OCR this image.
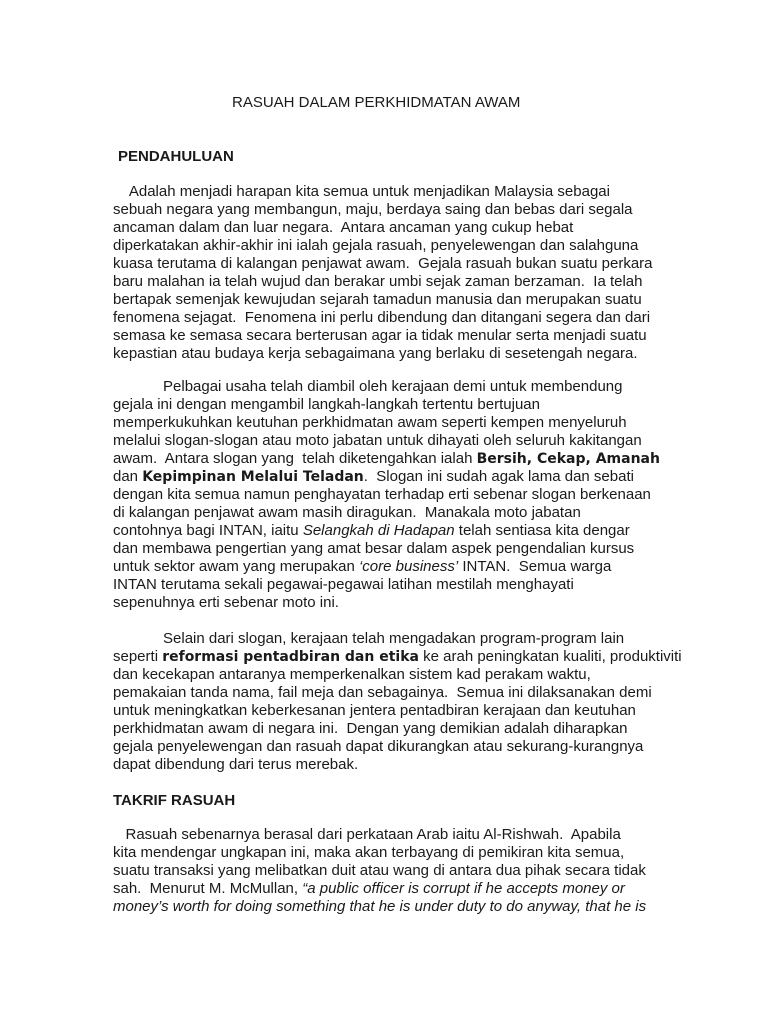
RASUAH DALAM PERKHIDMATAN AWAM
PENDAHULUAN
Adalah menjadi harapan kita semua untuk menjadikan Malaysia sebagai
sebuah negara yang membangun, maju, berdaya saing dan bebas dari segala
ancaman dalam dan luar negara.  Antara ancaman yang cukup hebat
diperkatakan akhir-akhir ini ialah gejala rasuah, penyelewengan dan salahguna
kuasa terutama di kalangan penjawat awam.  Gejala rasuah bukan suatu perkara
baru malahan ia telah wujud dan berakar umbi sejak zaman berzaman.  Ia telah
bertapak semenjak kewujudan sejarah tamadun manusia dan merupakan suatu
fenomena sejagat.  Fenomena ini perlu dibendung dan ditangani segera dan dari
semasa ke semasa secara berterusan agar ia tidak menular serta menjadi suatu
kepastian atau budaya kerja sebagaimana yang berlaku di sesetengah negara.
Pelbagai usaha telah diambil oleh kerajaan demi untuk membendung
gejala ini dengan mengambil langkah-langkah tertentu bertujuan
memperkukuhkan keutuhan perkhidmatan awam seperti kempen menyeluruh
melalui slogan-slogan atau moto jabatan untuk dihayati oleh seluruh kakitangan
awam.  Antara slogan yang  telah diketengahkan ialah Bersih, Cekap, Amanah
dan Kepimpinan Melalui Teladan.  Slogan ini sudah agak lama dan sebati
dengan kita semua namun penghayatan terhadap erti sebenar slogan berkenaan
di kalangan penjawat awam masih diragukan.  Manakala moto jabatan
contohnya bagi INTAN, iaitu Selangkah di Hadapan telah sentiasa kita dengar
dan membawa pengertian yang amat besar dalam aspek pengendalian kursus
untuk sektor awam yang merupakan ‘core business’ INTAN.  Semua warga
INTAN terutama sekali pegawai-pegawai latihan mestilah menghayati
sepenuhnya erti sebenar moto ini.
Selain dari slogan, kerajaan telah mengadakan program-program lain
seperti reformasi pentadbiran dan etika ke arah peningkatan kualiti, produktiviti
dan kecekapan antaranya memperkenalkan sistem kad perakam waktu,
pemakaian tanda nama, fail meja dan sebagainya.  Semua ini dilaksanakan demi
untuk meningkatkan keberkesanan jentera pentadbiran kerajaan dan keutuhan
perkhidmatan awam di negara ini.  Dengan yang demikian adalah diharapkan
gejala penyelewengan dan rasuah dapat dikurangkan atau sekurang-kurangnya
dapat dibendung dari terus merebak.
TAKRIF RASUAH
Rasuah sebenarnya berasal dari perkataan Arab iaitu Al-Rishwah.  Apabila
kita mendengar ungkapan ini, maka akan terbayang di pemikiran kita semua,
suatu transaksi yang melibatkan duit atau wang di antara dua pihak secara tidak
sah.  Menurut M. McMullan, “a public officer is corrupt if he accepts money or
money’s worth for doing something that he is under duty to do anyway, that he is
